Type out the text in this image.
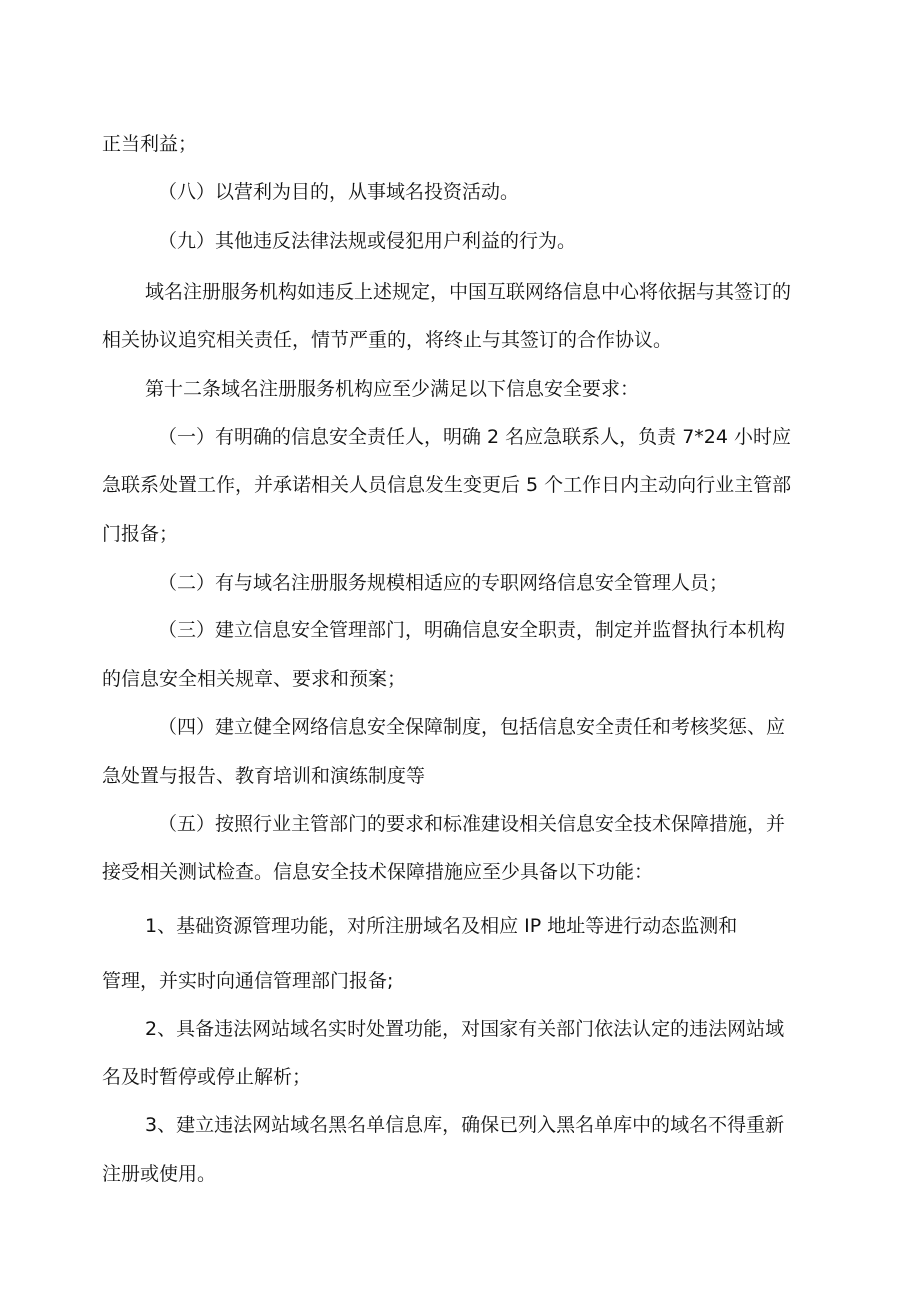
正当利益；
（八）以营利为目的，从事域名投资活动。
（九）其他违反法律法规或侵犯用户利益的行为。
域名注册服务机构如违反上述规定，中国互联网络信息中心将依据与其签订的
相关协议追究相关责任，情节严重的，将终止与其签订的合作协议。
第十二条域名注册服务机构应至少满足以下信息安全要求：
（一）有明确的信息安全责任人，明确 2 名应急联系人，负责 7*24 小时应
急联系处置工作，并承诺相关人员信息发生变更后 5 个工作日内主动向行业主管部
门报备；
（二）有与域名注册服务规模相适应的专职网络信息安全管理人员；
（三）建立信息安全管理部门，明确信息安全职责，制定并监督执行本机构
的信息安全相关规章、要求和预案；
（四）建立健全网络信息安全保障制度，包括信息安全责任和考核奖惩、应
急处置与报告、教育培训和演练制度等
（五）按照行业主管部门的要求和标准建设相关信息安全技术保障措施，并
接受相关测试检查。信息安全技术保障措施应至少具备以下功能：
1、基础资源管理功能，对所注册域名及相应 IP 地址等进行动态监测和
管理，并实时向通信管理部门报备;
2、具备违法网站域名实时处置功能，对国家有关部门依法认定的违法网站域
名及时暂停或停止解析；
3、建立违法网站域名黑名单信息库，确保已列入黑名单库中的域名不得重新
注册或使用。
